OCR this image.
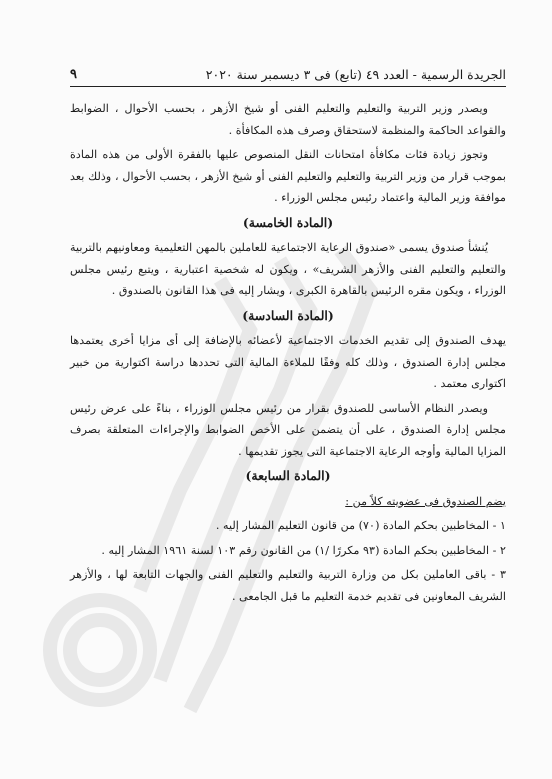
الجريدة الرسمية - العدد ٤٩ (تابع) فى ٣ ديسمبر سنة ٢٠٢٠
٩

ويصدر وزير التربية والتعليم والتعليم الفنى أو شيخ الأزهر ، بحسب الأحوال ، الضوابط والقواعد الحاكمة والمنظمة لاستحقاق وصرف هذه المكافأة .

وتجوز زيادة فئات مكافأة امتحانات النقل المنصوص عليها بالفقرة الأولى من هذه المادة بموجب قرار من وزير التربية والتعليم والتعليم الفنى أو شيخ الأزهر ، بحسب الأحوال ، وذلك بعد موافقة وزير المالية واعتماد رئيس مجلس الوزراء .

(المادة الخامسة)

يُنشأ صندوق يسمى «صندوق الرعاية الاجتماعية للعاملين بالمهن التعليمية ومعاونيهم بالتربية والتعليم والتعليم الفنى والأزهر الشريف» ، ويكون له شخصية اعتبارية ، ويتبع رئيس مجلس الوزراء ، ويكون مقره الرئيس بالقاهرة الكبرى ، ويشار إليه فى هذا القانون بالصندوق .

(المادة السادسة)

يهدف الصندوق إلى تقديم الخدمات الاجتماعية لأعضائه بالإضافة إلى أى مزايا أخرى يعتمدها مجلس إدارة الصندوق ، وذلك كله وفقًا للملاءة المالية التى تحددها دراسة اكتوارية من خبير اكتوارى معتمد .

ويصدر النظام الأساسى للصندوق بقرار من رئيس مجلس الوزراء ، بناءً على عرض رئيس مجلس إدارة الصندوق ، على أن يتضمن على الأخص الضوابط والإجراءات المتعلقة بصرف المزايا المالية وأوجه الرعاية الاجتماعية التى يجوز تقديمها .

(المادة السابعة)

يضم الصندوق فى عضويته كلاً من :

١ - المخاطبين بحكم المادة (٧٠) من قانون التعليم المشار إليه .

٢ - المخاطبين بحكم المادة (٩٣ مكررًا /١) من القانون رقم ١٠٣ لسنة ١٩٦١ المشار إليه .

٣ - باقى العاملين بكل من وزارة التربية والتعليم والتعليم الفنى والجهات التابعة لها ، والأزهر الشريف المعاونين فى تقديم خدمة التعليم ما قبل الجامعى .
